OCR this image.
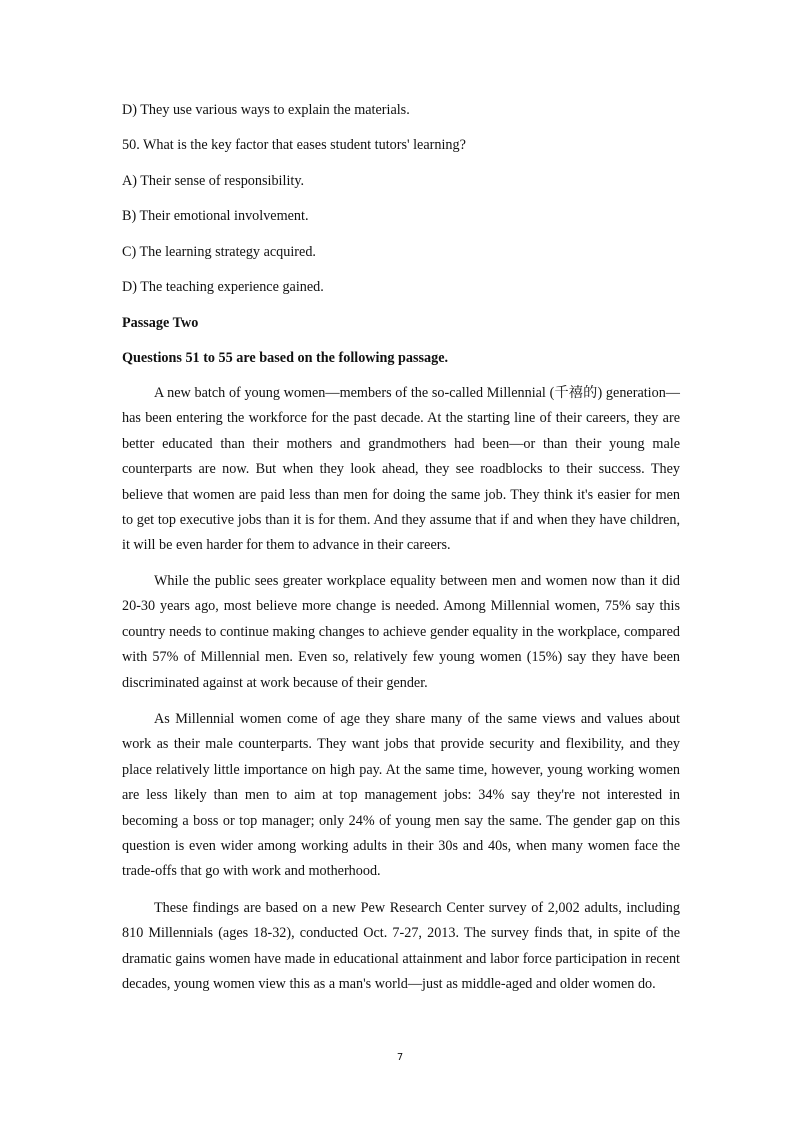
D) They use various ways to explain the materials.
50. What is the key factor that eases student tutors' learning?
A) Their sense of responsibility.
B) Their emotional involvement.
C) The learning strategy acquired.
D) The teaching experience gained.
Passage Two
Questions 51 to 55 are based on the following passage.
A new batch of young women—members of the so-called Millennial (千禧的) generation—has been entering the workforce for the past decade. At the starting line of their careers, they are better educated than their mothers and grandmothers had been—or than their young male counterparts are now. But when they look ahead, they see roadblocks to their success. They believe that women are paid less than men for doing the same job. They think it's easier for men to get top executive jobs than it is for them. And they assume that if and when they have children, it will be even harder for them to advance in their careers.
While the public sees greater workplace equality between men and women now than it did 20-30 years ago, most believe more change is needed. Among Millennial women, 75% say this country needs to continue making changes to achieve gender equality in the workplace, compared with 57% of Millennial men. Even so, relatively few young women (15%) say they have been discriminated against at work because of their gender.
As Millennial women come of age they share many of the same views and values about work as their male counterparts. They want jobs that provide security and flexibility, and they place relatively little importance on high pay. At the same time, however, young working women are less likely than men to aim at top management jobs: 34% say they're not interested in becoming a boss or top manager; only 24% of young men say the same. The gender gap on this question is even wider among working adults in their 30s and 40s, when many women face the trade-offs that go with work and motherhood.
These findings are based on a new Pew Research Center survey of 2,002 adults, including 810 Millennials (ages 18-32), conducted Oct. 7-27, 2013. The survey finds that, in spite of the dramatic gains women have made in educational attainment and labor force participation in recent decades, young women view this as a man's world—just as middle-aged and older women do.
7
